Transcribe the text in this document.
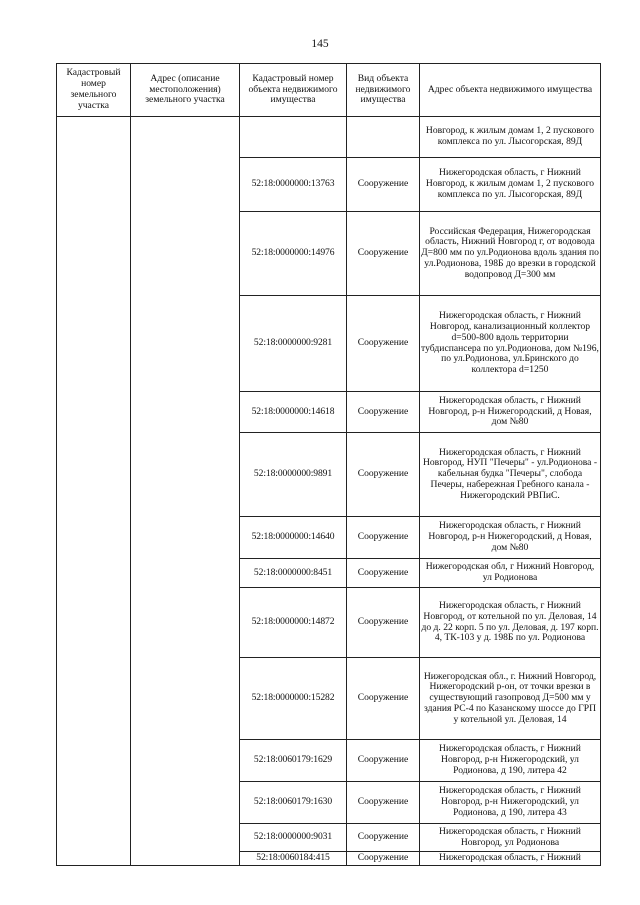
145
Кадастровый номер земельного участка	Адрес (описание местоположения) земельного участка	Кадастровый номер объекта недвижимого имущества	Вид объекта недвижимого имущества	Адрес объекта недвижимого имущества
				Новгород, к жилым домам 1, 2 пускового комплекса по ул. Лысогорская, 89Д
		52:18:0000000:13763	Сооружение	Нижегородская область, г Нижний Новгород, к жилым домам 1, 2 пускового комплекса по ул. Лысогорская, 89Д
		52:18:0000000:14976	Сооружение	Российская Федерация, Нижегородская область, Нижний Новгород г, от водовода Д=800 мм по ул.Родионова вдоль здания по ул.Родионова, 198Б до врезки в городской водопровод Д=300 мм
		52:18:0000000:9281	Сооружение	Нижегородская область, г Нижний Новгород, канализационный коллектор d=500-800 вдоль территории тубдиспансера по ул.Родионова, дом №196, по ул.Родионова, ул.Бринского до коллектора d=1250
		52:18:0000000:14618	Сооружение	Нижегородская область, г Нижний Новгород, р-н Нижегородский, д Новая, дом №80
		52:18:0000000:9891	Сооружение	Нижегородская область, г Нижний Новгород, НУП "Печеры" - ул.Родионова - кабельная будка "Печеры", слобода Печеры, набережная Гребного канала - Нижегородский РВПиС.
		52:18:0000000:14640	Сооружение	Нижегородская область, г Нижний Новгород, р-н Нижегородский, д Новая, дом №80
		52:18:0000000:8451	Сооружение	Нижегородская обл, г Нижний Новгород, ул Родионова
		52:18:0000000:14872	Сооружение	Нижегородская область, г Нижний Новгород, от котельной по ул. Деловая, 14 до д. 22 корп. 5 по ул. Деловая, д. 197 корп. 4, ТК-103 у д. 198Б по ул. Родионова
		52:18:0000000:15282	Сооружение	Нижегородская обл., г. Нижний Новгород, Нижегородский р-он, от точки врезки в существующий газопровод Д=500 мм у здания РС-4 по Казанскому шоссе до ГРП у котельной ул. Деловая, 14
		52:18:0060179:1629	Сооружение	Нижегородская область, г Нижний Новгород, р-н Нижегородский, ул Родионова, д 190, литера 42
		52:18:0060179:1630	Сооружение	Нижегородская область, г Нижний Новгород, р-н Нижегородский, ул Родионова, д 190, литера 43
		52:18:0000000:9031	Сооружение	Нижегородская область, г Нижний Новгород, ул Родионова
		52:18:0060184:415	Сооружение	Нижегородская область, г Нижний
